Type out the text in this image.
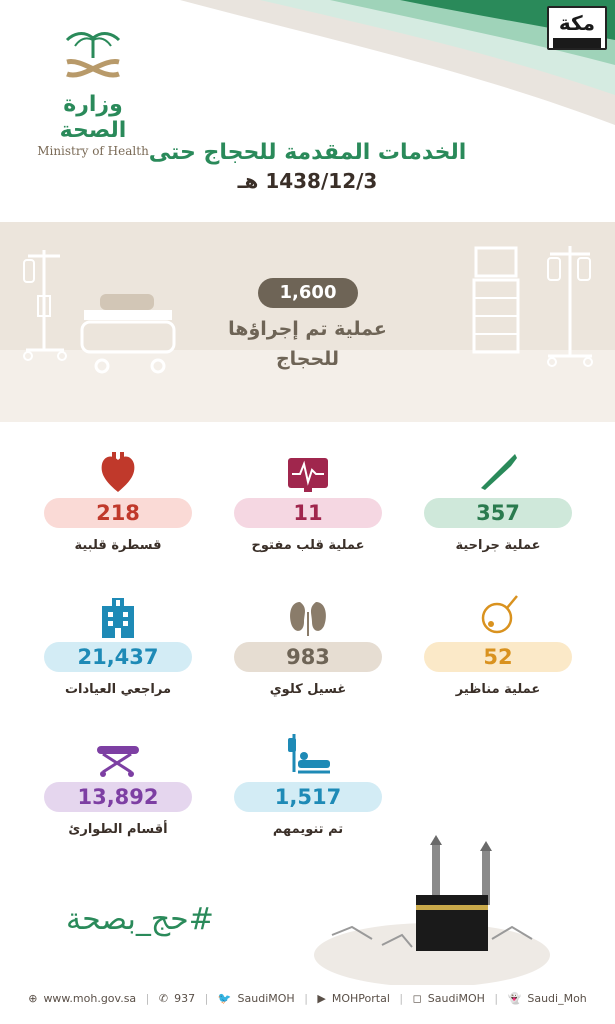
مكة
وزارة الصحة
Ministry of Health الخدمات المقدمة للحجاج حتى
1438/12/3 هـ
1,600
عملية تم إجراؤها
للحجاج
357
عملية جراحية
11
عملية قلب مفتوح
218
قسطرة قلبية
52
عملية مناظير
983
غسيل كلوي
21,437
مراجعي العيادات
1,517
تم تنويمهم
13,892
أقسام الطوارئ
#حج_بصحة
⊕ www.moh.gov.sa | ✆ 937 | 🐦 SaudiMOH | ▶ MOHPortal | ◻ SaudiMOH | 👻 Saudi_Moh
